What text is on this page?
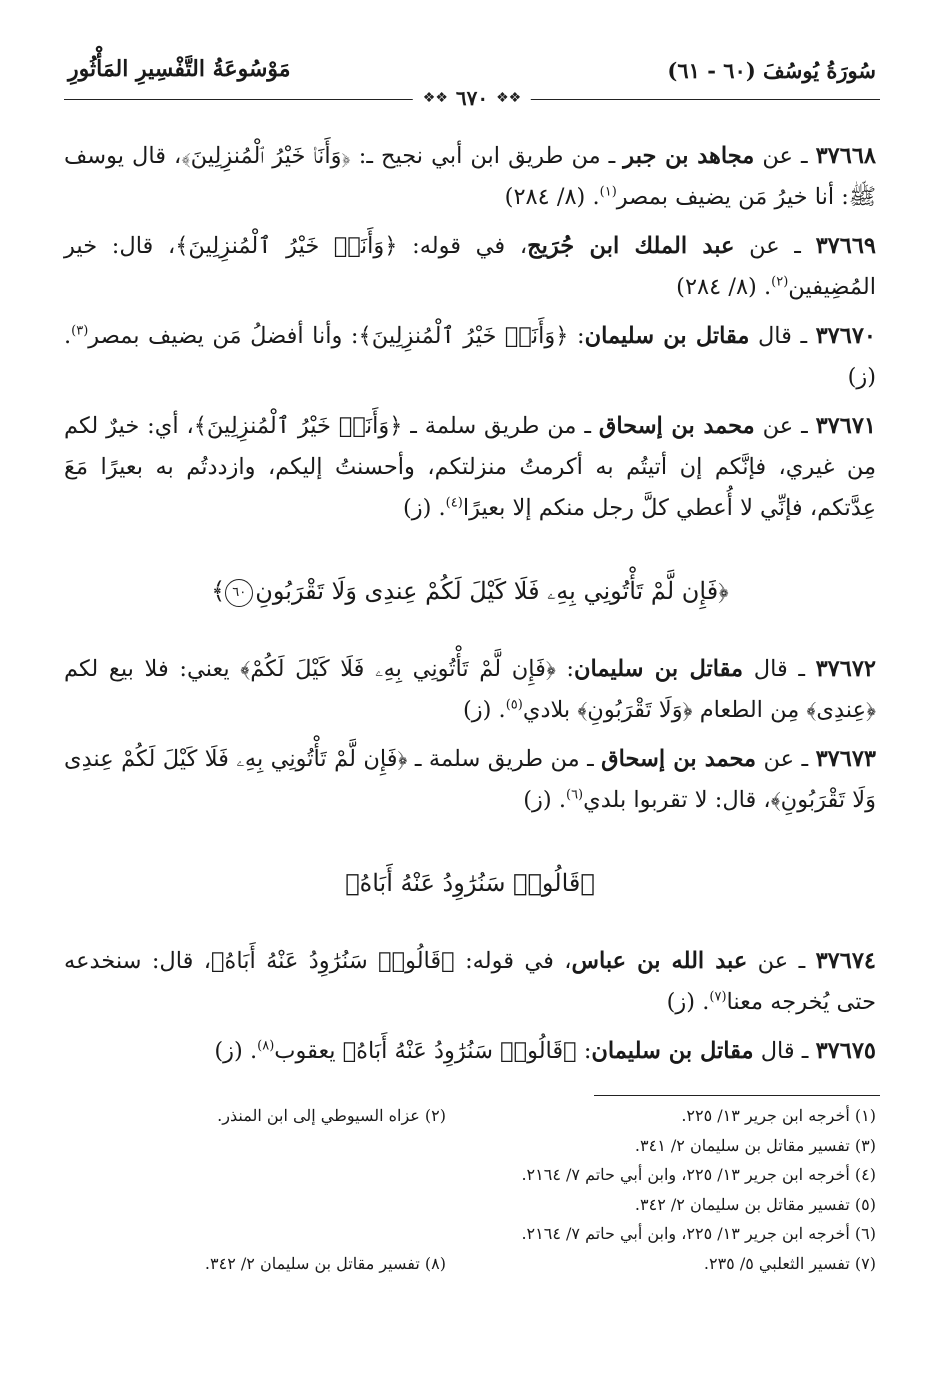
سُورَةُ يُوسُفَ (٦٠ - ٦١)
مَوْسُوعَةُ التَّفْسِيرِ المَأْثُورِ
❖❖
٦٧٠
❖❖

٣٧٦٦٨ ـ عن مجاهد بن جبر ـ من طريق ابن أبي نجيح ـ: ﴿وَأَنَا۠ خَيْرُ ٱلْمُنزِلِينَ﴾، قال يوسف ﷺ: أنا خيرُ مَن يضيف بمصر$^{(١)}$. (٨/ ٢٨٤)

٣٧٦٦٩ ـ عن عبد الملك ابن جُرَيج، في قوله: ﴿وَأَنَا۠ خَيْرُ ٱلْمُنزِلِينَ﴾، قال: خير المُضِيفين$^{(٢)}$. (٨/ ٢٨٤)

٣٧٦٧٠ ـ قال مقاتل بن سليمان: ﴿وَأَنَا۠ خَيْرُ ٱلْمُنزِلِينَ﴾: وأنا أفضلُ مَن يضيف بمصر$^{(٣)}$. (ز)

٣٧٦٧١ ـ عن محمد بن إسحاق ـ من طريق سلمة ـ ﴿وَأَنَا۠ خَيْرُ ٱلْمُنزِلِينَ﴾، أي: خيرٌ لكم مِن غيري، فإنَّكم إن أتيتُم به أكرمتُ منزلتكم، وأحسنتُ إليكم، وازددتُم به بعيرًا مَعَ عِدَّتكم، فإنِّي لا أُعطي كلَّ رجل منكم إلا بعيرًا$^{(٤)}$. (ز)

﴿فَإِن لَّمْ تَأْتُونِي بِهِۦ فَلَا كَيْلَ لَكُمْ عِندِى وَلَا تَقْرَبُونِ٦٠﴾

٣٧٦٧٢ ـ قال مقاتل بن سليمان: ﴿فَإِن لَّمْ تَأْتُونِي بِهِۦ فَلَا كَيْلَ لَكُمْ﴾ يعني: فلا بيع لكم ﴿عِندِى﴾ مِن الطعام ﴿وَلَا تَقْرَبُونِ﴾ بلادي$^{(٥)}$. (ز)

٣٧٦٧٣ ـ عن محمد بن إسحاق ـ من طريق سلمة ـ ﴿فَإِن لَّمْ تَأْتُونِي بِهِۦ فَلَا كَيْلَ لَكُمْ عِندِى وَلَا تَقْرَبُونِ﴾، قال: لا تقربوا بلدي$^{(٦)}$. (ز)

﴿قَالُوا۟ سَنُرَٰوِدُ عَنْهُ أَبَاهُ﴾

٣٧٦٧٤ ـ عن عبد الله بن عباس، في قوله: ﴿قَالُوا۟ سَنُرَٰوِدُ عَنْهُ أَبَاهُ﴾، قال: سنخدعه حتى يُخرجه معنا$^{(٧)}$. (ز)

٣٧٦٧٥ ـ قال مقاتل بن سليمان: ﴿قَالُوا۟ سَنُرَٰوِدُ عَنْهُ أَبَاهُ﴾ يعقوب$^{(٨)}$. (ز)

(١) أخرجه ابن جرير ١٣/ ٢٢٥.
(٢) عزاه السيوطي إلى ابن المنذر.
(٣) تفسير مقاتل بن سليمان ٢/ ٣٤١.
(٤) أخرجه ابن جرير ١٣/ ٢٢٥، وابن أبي حاتم ٧/ ٢١٦٤.
(٥) تفسير مقاتل بن سليمان ٢/ ٣٤٢.
(٦) أخرجه ابن جرير ١٣/ ٢٢٥، وابن أبي حاتم ٧/ ٢١٦٤.
(٧) تفسير الثعلبي ٥/ ٢٣٥.
(٨) تفسير مقاتل بن سليمان ٢/ ٣٤٢.
